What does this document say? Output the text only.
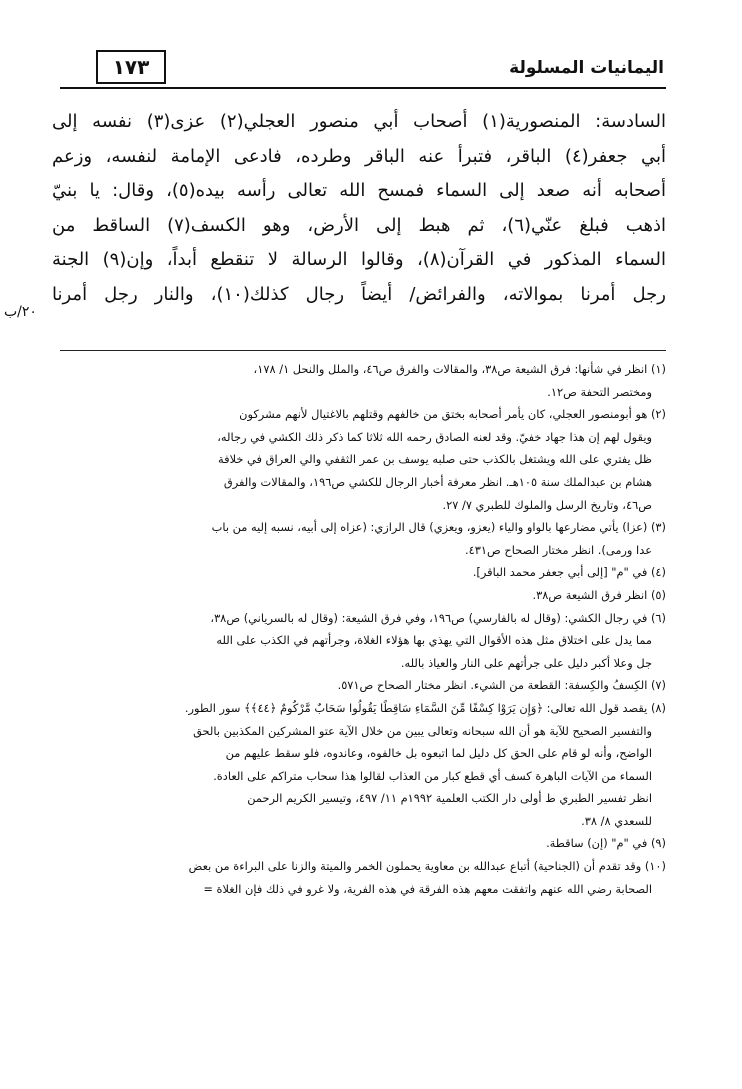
١٧٣	اليمانيات المسلولة
السادسة: المنصورية(١) أصحاب أبي منصور العجلي(٢) عزى(٣) نفسه إلى
أبي جعفر(٤) الباقر، فتبرأ عنه الباقر وطرده، فادعى الإمامة لنفسه، وزعم
أصحابه أنه صعد إلى السماء فمسح الله تعالى رأسه بيده(٥)، وقال: يا بنيّ
اذهب فبلغ عنّي(٦)، ثم هبط إلى الأرض، وهو الكسف(٧) الساقط من
السماء المذكور في القرآن(٨)، وقالوا الرسالة لا تنقطع أبداً، وإن(٩) الجنة
رجل أمرنا بموالاته، والفرائض/ أيضاً رجال كذلك(١٠)، والنار رجل أمرنا
٢٠/ب
(١) انظر في شأنها: فرق الشيعة ص٣٨، والمقالات والفرق ص٤٦، والملل والنحل ١/ ١٧٨،
ومختصر التحفة ص١٢.
(٢) هو أبومنصور العجلي، كان يأمر أصحابه بختق من خالفهم وقتلهم بالاغتيال لأنهم مشركون
ويقول لهم إن هذا جهاد خفيّ. وقد لعنه الصادق رحمه الله ثلاثا كما ذكر ذلك الكشي في رجاله،
ظل يفتري على الله ويشتغل بالكذب حتى صلبه يوسف بن عمر الثقفي والي العراق في خلافة
هشام بن عبدالملك سنة ١٠٥هـ. انظر معرفة أخبار الرجال للكشي ص١٩٦، والمقالات والفرق
ص٤٦، وتاريخ الرسل والملوك للطبري ٧/ ٢٧.
(٣) (عزا) يأتي مضارعها بالواو والياء (يعزو، ويعزي) قال الرازي: (عزاه إلى أبيه، نسبه إليه من باب
عدا ورمى). انظر مختار الصحاح ص٤٣١.
(٤) في "م" [إلى أبي جعفر محمد الباقر].
(٥) انظر فرق الشيعة ص٣٨.
(٦) في رجال الكشي: (وقال له بالفارسي) ص١٩٦، وفي فرق الشيعة: (وقال له بالسرياني) ص٣٨،
مما يدل على اختلاق مثل هذه الأقوال التي يهذي بها هؤلاء الغلاة، وجرأتهم في الكذب على الله
جل وعلا أكبر دليل على جرأتهم على النار والعياذ بالله.
(٧) الكِسفُ والكِسفة: القطعة من الشيء. انظر مختار الصحاح ص٥٧١.
(٨) يقصد قول الله تعالى: ﴿وَإِن يَرَوْا كِسْفًا مِّنَ السَّمَاءِ سَاقِطًا يَقُولُوا سَحَابٌ مَّرْكُومٌ ﴿٤٤﴾﴾ سور الطور.
والتفسير الصحيح للآية هو أن الله سبحانه وتعالى يبين من خلال الآية عتو المشركين المكذبين بالحق
الواضح، وأنه لو قام على الحق كل دليل لما اتبعوه بل خالفوه، وعاندوه، فلو سقط عليهم من
السماء من الآيات الباهرة كسف أي قطع كبار من العذاب لقالوا هذا سحاب متراكم على العادة.
انظر تفسير الطبري ط أولى دار الكتب العلمية ١٩٩٢م ١١/ ٤٩٧، وتيسير الكريم الرحمن
للسعدي ٨/ ٣٨.
(٩) في "م" (إن) ساقطة.
(١٠) وقد تقدم أن (الجناحية) أتباع عبدالله بن معاوية يحملون الخمر والميتة والزنا على البراءة من بعض
الصحابة رضي الله عنهم واتفقت معهم هذه الفرقة في هذه الفرية، ولا غرو في ذلك فإن الغلاة =
